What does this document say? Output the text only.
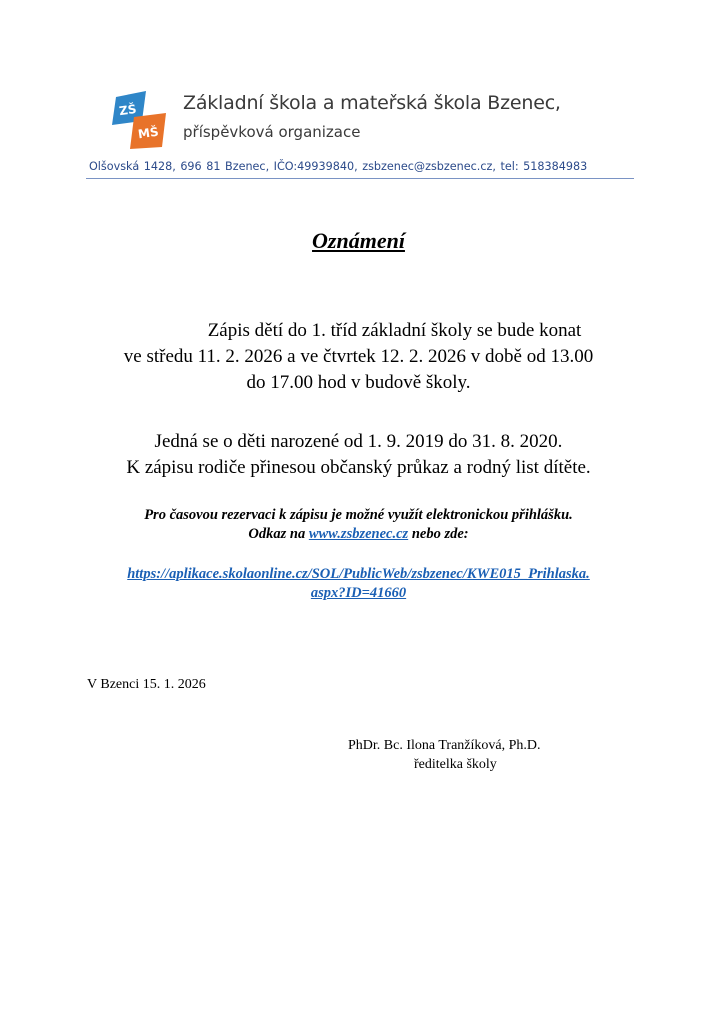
ZŠ
MŠ
Základní škola a mateřská škola Bzenec,
příspěvková organizace
Olšovská 1428, 696 81 Bzenec, IČO:49939840, zsbzenec@zsbzenec.cz, tel: 518384983
Oznámení
Zápis dětí do 1. tříd základní školy se bude konat
ve středu 11. 2. 2026 a ve čtvrtek 12. 2. 2026 v době od 13.00
do 17.00 hod v budově školy.
Jedná se o děti narozené od 1. 9. 2019 do 31. 8. 2020.
K zápisu rodiče přinesou občanský průkaz a rodný list dítěte.
Pro časovou rezervaci k zápisu je možné využít elektronickou přihlášku.
Odkaz na www.zsbzenec.cz nebo zde:
https://aplikace.skolaonline.cz/SOL/PublicWeb/zsbzenec/KWE015_Prihlaska.
aspx?ID=41660
V Bzenci 15. 1. 2026
PhDr. Bc. Ilona Tranžíková, Ph.D.
ředitelka školy
